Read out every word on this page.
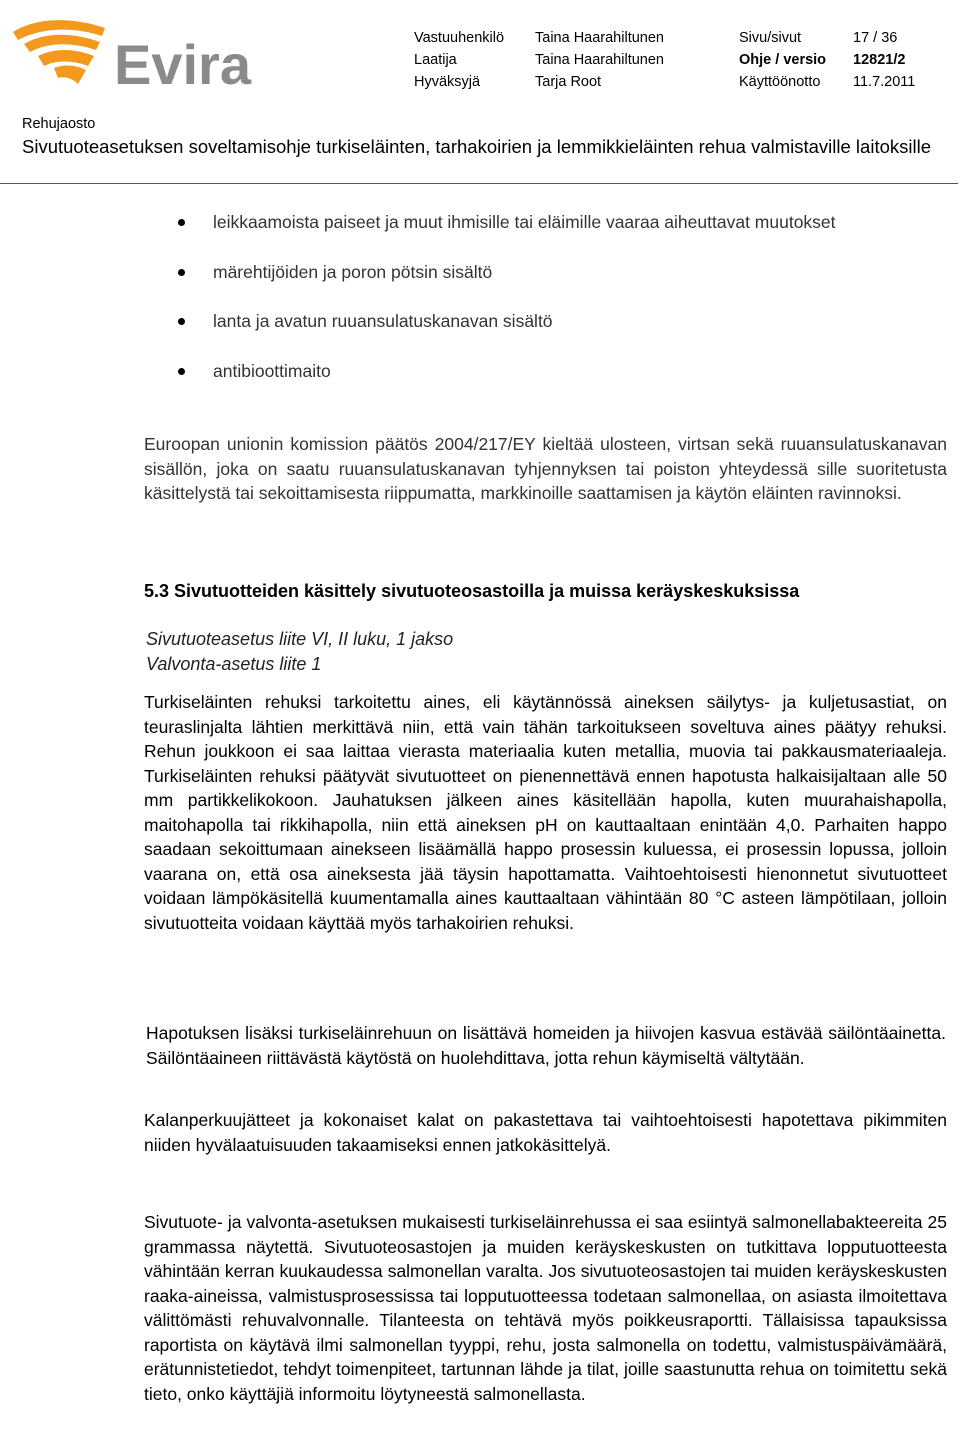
Evira	Vastuuhenkilö	Taina Haarahiltunen	Sivu/sivut	17 / 36
Laatija	Taina Haarahiltunen	Ohje / versio	12821/2
Hyväksyjä	Tarja Root	Käyttöönotto	11.7.2011
Rehujaosto
Sivutuoteasetuksen soveltamisohje turkiseläinten, tarhakoirien ja lemmikkieläinten rehua valmistaville laitoksille
leikkaamoista paiseet ja muut ihmisille tai eläimille vaaraa aiheuttavat muutokset
märehtijöiden ja poron pötsin sisältö
lanta ja avatun ruuansulatuskanavan sisältö
antibioottimaito

Euroopan unionin komission päätös 2004/217/EY kieltää ulosteen, virtsan sekä ruuansulatuskanavan sisällön, joka on saatu ruuansulatuskanavan tyhjennyksen tai poiston yhteydessä sille suoritetusta käsittelystä tai sekoittamisesta riippumatta, markkinoille saattamisen ja käytön eläinten ravinnoksi.

5.3 Sivutuotteiden käsittely sivutuoteosastoilla ja muissa keräyskeskuksissa
Sivutuoteasetus liite VI, II luku, 1 jakso
Valvonta-asetus liite 1

Turkiseläinten rehuksi tarkoitettu aines, eli käytännössä aineksen säilytys- ja kuljetusastiat, on teuraslinjalta lähtien merkittävä niin, että vain tähän tarkoitukseen soveltuva aines päätyy rehuksi. Rehun joukkoon ei saa laittaa vierasta materiaalia kuten metallia, muovia tai pakkausmateriaaleja. Turkiseläinten rehuksi päätyvät sivutuotteet on pienennettävä ennen hapotusta halkaisijaltaan alle 50 mm partikkelikokoon. Jauhatuksen jälkeen aines käsitellään hapolla, kuten muurahaishapolla, maitohapolla tai rikkihapolla, niin että aineksen pH on kauttaaltaan enintään 4,0. Parhaiten happo saadaan sekoittumaan ainekseen lisäämällä happo prosessin kuluessa, ei prosessin lopussa, jolloin vaarana on, että osa aineksesta jää täysin hapottamatta. Vaihtoehtoisesti hienonnetut sivutuotteet voidaan lämpökäsitellä kuumentamalla aines kauttaaltaan vähintään 80 °C asteen lämpötilaan, jolloin sivutuotteita voidaan käyttää myös tarhakoirien rehuksi.

Hapotuksen lisäksi turkiseläinrehuun on lisättävä homeiden ja hiivojen kasvua estävää säilöntäainetta. Säilöntäaineen riittävästä käytöstä on huolehdittava, jotta rehun käymiseltä vältytään.

Kalanperkuujätteet ja kokonaiset kalat on pakastettava tai vaihtoehtoisesti hapotettava pikimmiten niiden hyvälaatuisuuden takaamiseksi ennen jatkokäsittelyä.

Sivutuote- ja valvonta-asetuksen mukaisesti turkiseläinrehussa ei saa esiintyä salmonellabakteereita 25 grammassa näytettä. Sivutuoteosastojen ja muiden keräyskeskusten on tutkittava lopputuotteesta vähintään kerran kuukaudessa salmonellan varalta. Jos sivutuoteosastojen tai muiden keräyskeskusten raaka-aineissa, valmistusprosessissa tai lopputuotteessa todetaan salmonellaa, on asiasta ilmoitettava välittömästi rehuvalvonnalle. Tilanteesta on tehtävä myös poikkeusraportti. Tällaisissa tapauksissa raportista on käytävä ilmi salmonellan tyyppi, rehu, josta salmonella on todettu, valmistuspäivämäärä, erätunnistetiedot, tehdyt toimenpiteet, tartunnan lähde ja tilat, joille saastunutta rehua on toimitettu sekä tieto, onko käyttäjiä informoitu löytyneestä salmonellasta.
